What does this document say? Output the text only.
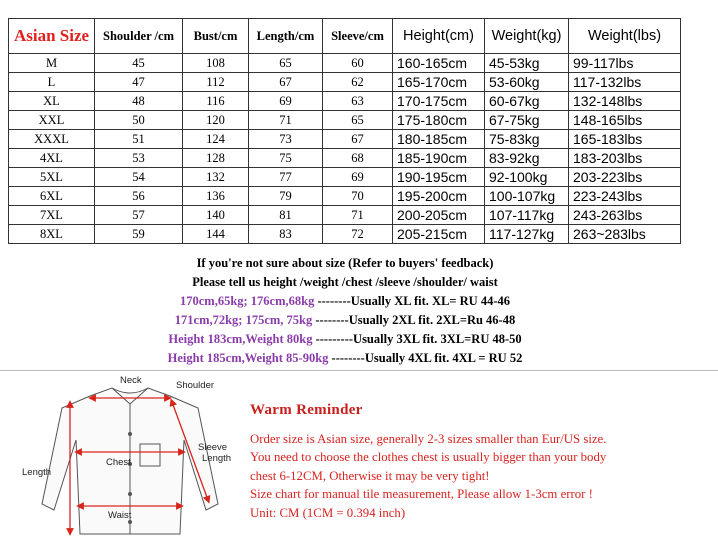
Asian Size	Shoulder /cm	Bust/cm	Length/cm	Sleeve/cm	Height(cm)	Weight(kg)	Weight(lbs)
M	45	108	65	60	160-165cm	45-53kg	99-117lbs
L	47	112	67	62	165-170cm	53-60kg	117-132lbs
XL	48	116	69	63	170-175cm	60-67kg	132-148lbs
XXL	50	120	71	65	175-180cm	67-75kg	148-165lbs
XXXL	51	124	73	67	180-185cm	75-83kg	165-183lbs
4XL	53	128	75	68	185-190cm	83-92kg	183-203lbs
5XL	54	132	77	69	190-195cm	92-100kg	203-223lbs
6XL	56	136	79	70	195-200cm	100-107kg	223-243lbs
7XL	57	140	81	71	200-205cm	107-117kg	243-263lbs
8XL	59	144	83	72	205-215cm	117-127kg	263~283lbs
If you're not sure about size (Refer to buyers' feedback)
Please tell us height /weight /chest /sleeve /shoulder/ waist
170cm,65kg; 176cm,68kg --------Usually XL fit. XL= RU 44-46
171cm,72kg; 175cm, 75kg --------Usually 2XL fit. 2XL=Ru 46-48
Height 183cm,Weight 80kg ---------Usually 3XL fit. 3XL=RU 48-50
Height 185cm,Weight 85-90kg --------Usually 4XL fit. 4XL = RU 52
Neck	Shoulder
Sleeve
Length
Chest
Length
Waist
Warm Reminder
Order size is Asian size, generally 2-3 sizes smaller than Eur/US size.
You need to choose the clothes chest is usually bigger than your body
chest 6-12CM, Otherwise it may be very tight!
Size chart for manual tile measurement, Please allow 1-3cm error !
Unit: CM (1CM = 0.394 inch)
